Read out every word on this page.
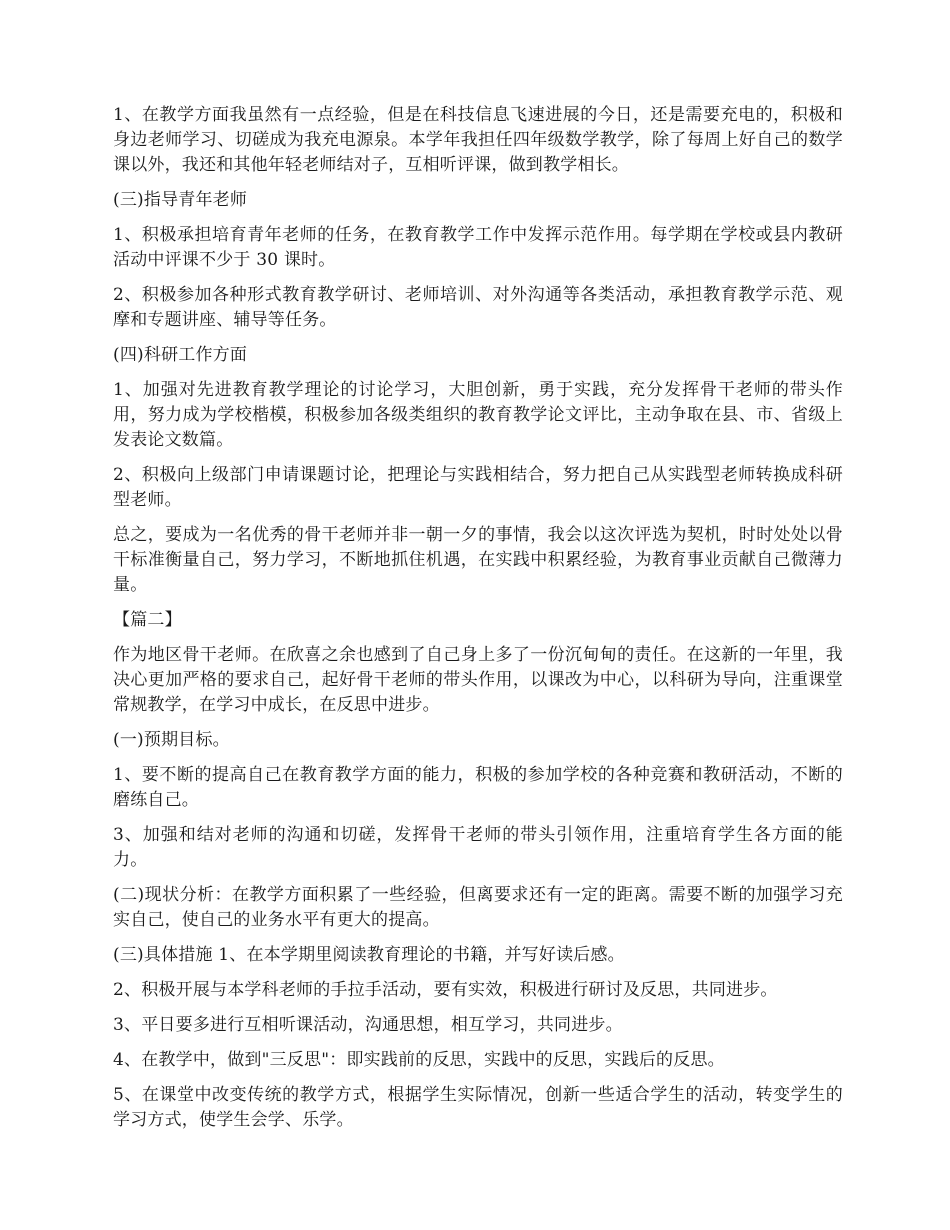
1、在教学方面我虽然有一点经验，但是在科技信息飞速进展的今日，还是需要充电的，积极和身边老师学习、切磋成为我充电源泉。本学年我担任四年级数学教学，除了每周上好自己的数学课以外，我还和其他年轻老师结对子，互相听评课，做到教学相长。

(三)指导青年老师

1、积极承担培育青年老师的任务，在教育教学工作中发挥示范作用。每学期在学校或县内教研活动中评课不少于 30 课时。

2、积极参加各种形式教育教学研讨、老师培训、对外沟通等各类活动，承担教育教学示范、观摩和专题讲座、辅导等任务。

(四)科研工作方面

1、加强对先进教育教学理论的讨论学习，大胆创新，勇于实践，充分发挥骨干老师的带头作用，努力成为学校楷模，积极参加各级类组织的教育教学论文评比，主动争取在县、市、省级上发表论文数篇。

2、积极向上级部门申请课题讨论，把理论与实践相结合，努力把自己从实践型老师转换成科研型老师。

总之，要成为一名优秀的骨干老师并非一朝一夕的事情，我会以这次评选为契机，时时处处以骨干标准衡量自己，努力学习，不断地抓住机遇，在实践中积累经验，为教育事业贡献自己微薄力量。

【篇二】

作为地区骨干老师。在欣喜之余也感到了自己身上多了一份沉甸甸的责任。在这新的一年里，我决心更加严格的要求自己，起好骨干老师的带头作用，以课改为中心，以科研为导向，注重课堂常规教学，在学习中成长，在反思中进步。

(一)预期目标。

1、要不断的提高自己在教育教学方面的能力，积极的参加学校的各种竞赛和教研活动，不断的磨练自己。

3、加强和结对老师的沟通和切磋，发挥骨干老师的带头引领作用，注重培育学生各方面的能力。

(二)现状分析：在教学方面积累了一些经验，但离要求还有一定的距离。需要不断的加强学习充实自己，使自己的业务水平有更大的提高。

(三)具体措施 1、在本学期里阅读教育理论的书籍，并写好读后感。

2、积极开展与本学科老师的手拉手活动，要有实效，积极进行研讨及反思，共同进步。

3、平日要多进行互相听课活动，沟通思想，相互学习，共同进步。

4、在教学中，做到"三反思"：即实践前的反思，实践中的反思，实践后的反思。

5、在课堂中改变传统的教学方式，根据学生实际情况，创新一些适合学生的活动，转变学生的学习方式，使学生会学、乐学。
